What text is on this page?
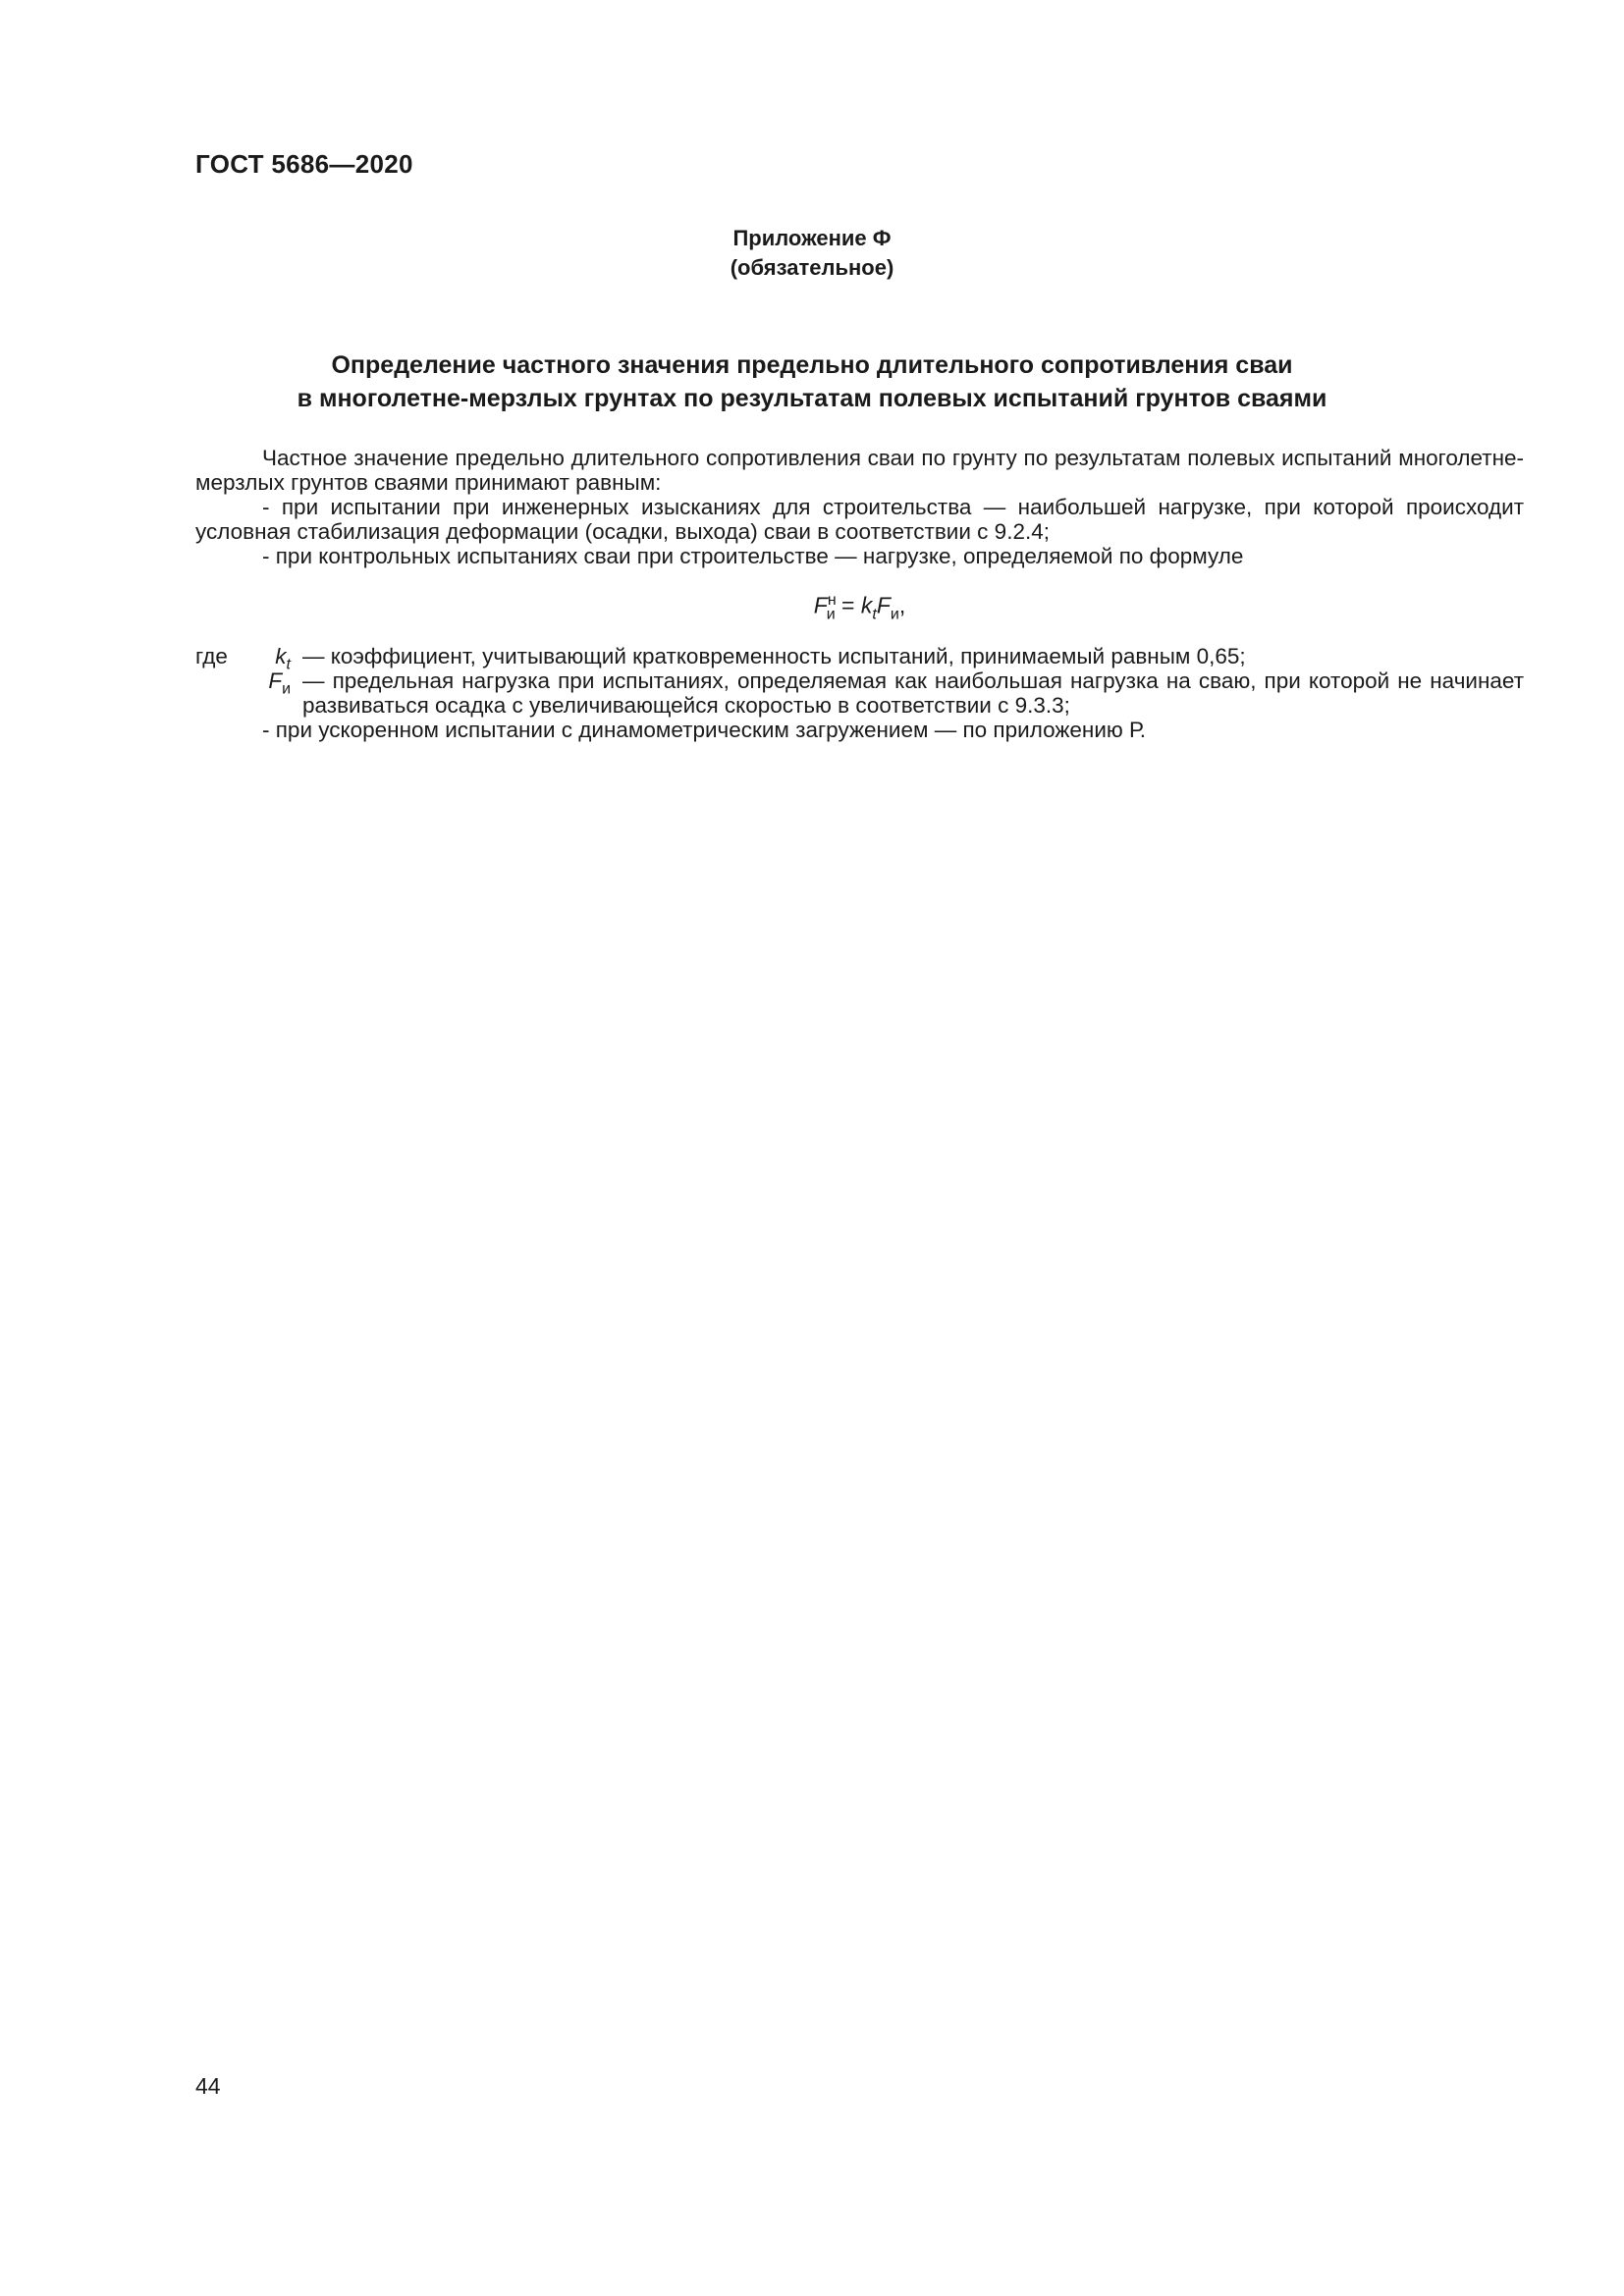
ГОСТ 5686—2020
Приложение Ф
(обязательное)
Определение частного значения предельно длительного сопротивления сваи
в многолетне-мерзлых грунтах по результатам полевых испытаний грунтов сваями

Частное значение предельно длительного сопротивления сваи по грунту по результатам полевых испытаний многолетне-мерзлых грунтов сваями принимают равным:

- при испытании при инженерных изысканиях для строительства — наибольшей нагрузке, при которой происходит условная стабилизация деформации (осадки, выхода) сваи в соответствии с 9.2.4;

- при контрольных испытаниях сваи при строительстве — нагрузке, определяемой по формуле

$F^н_и = k_tF_и$,
где $k_t$ — коэффициент, учитывающий кратковременность испытаний, принимаемый равным 0,65;
$F_и$ — предельная нагрузка при испытаниях, определяемая как наибольшая нагрузка на сваю, при которой не начинает развиваться осадка с увеличивающейся скоростью в соответствии с 9.3.3;

- при ускоренном испытании с динамометрическим загружением — по приложению Р.

44
